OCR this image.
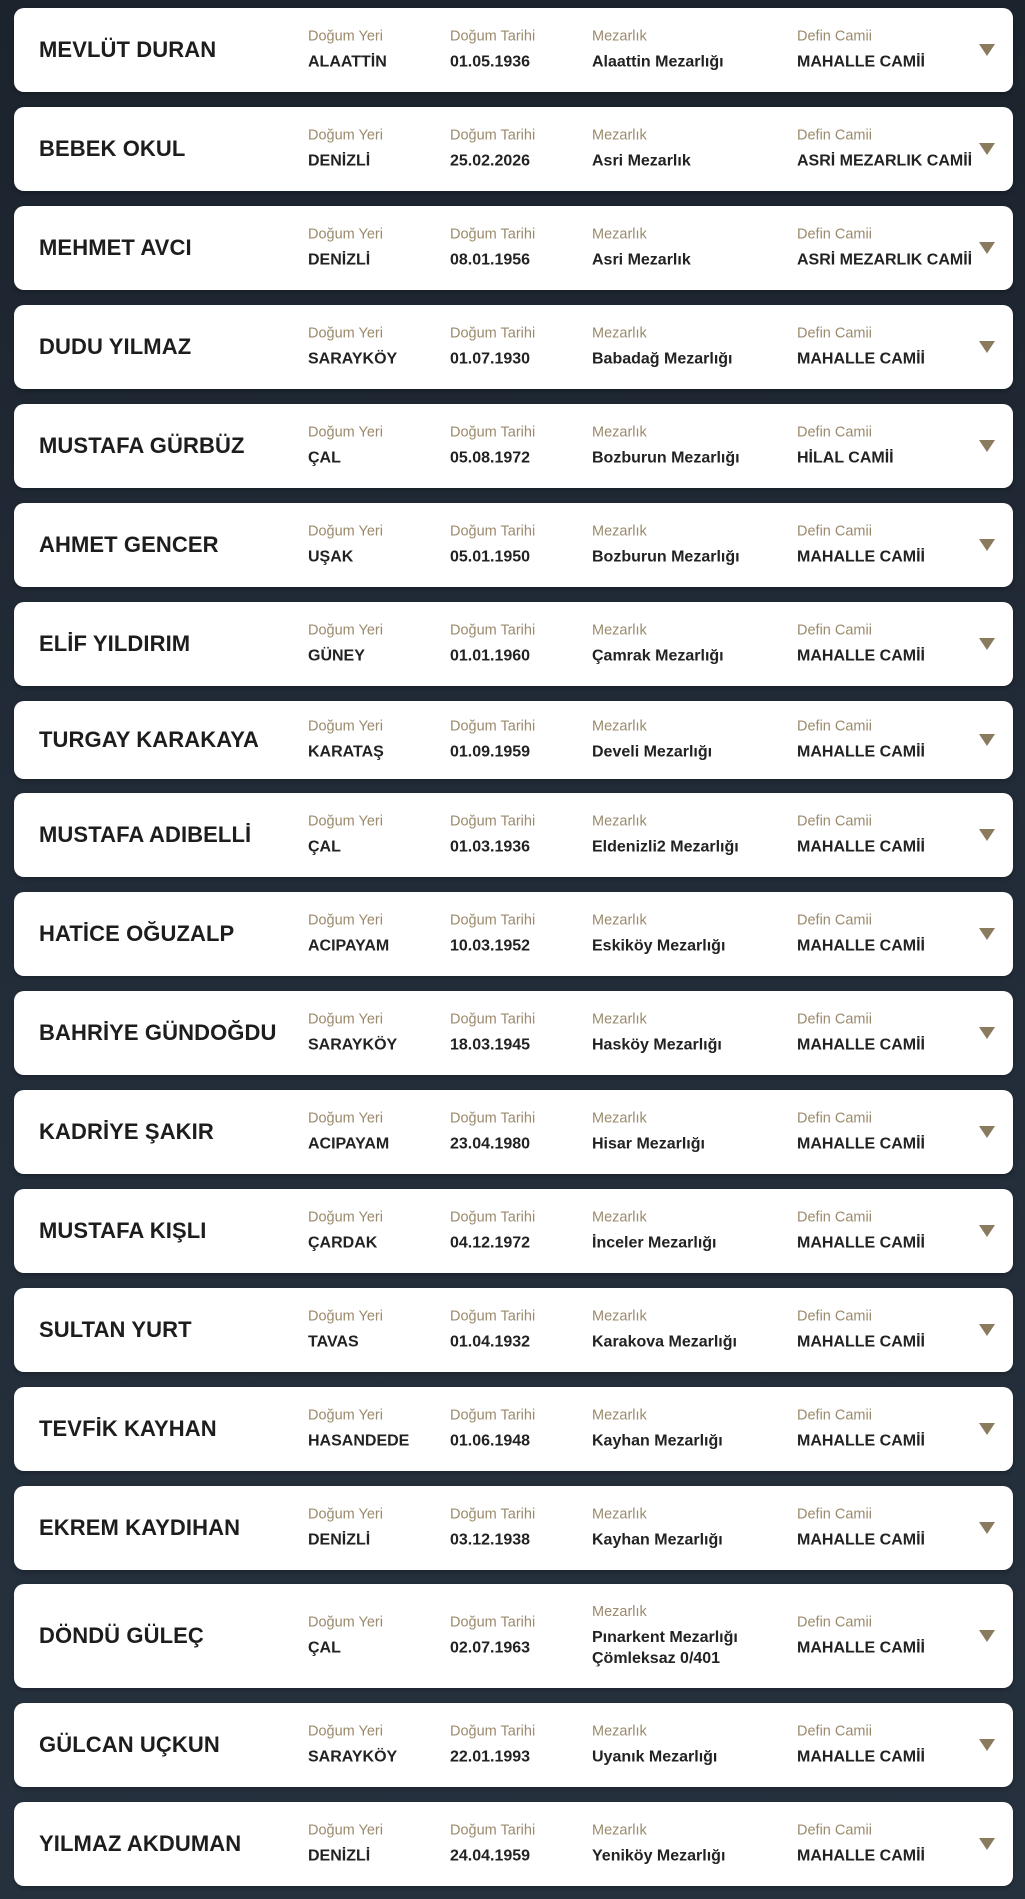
MEVLÜT DURAN
Doğum Yeri
ALAATTİN
Doğum Tarihi
01.05.1936
Mezarlık
Alaattin Mezarlığı
Defin Camii
MAHALLE CAMİİ
BEBEK OKUL
Doğum Yeri
DENİZLİ
Doğum Tarihi
25.02.2026
Mezarlık
Asri Mezarlık
Defin Camii
ASRİ MEZARLIK CAMİİ
MEHMET AVCI
Doğum Yeri
DENİZLİ
Doğum Tarihi
08.01.1956
Mezarlık
Asri Mezarlık
Defin Camii
ASRİ MEZARLIK CAMİİ
DUDU YILMAZ
Doğum Yeri
SARAYKÖY
Doğum Tarihi
01.07.1930
Mezarlık
Babadağ Mezarlığı
Defin Camii
MAHALLE CAMİİ
MUSTAFA GÜRBÜZ
Doğum Yeri
ÇAL
Doğum Tarihi
05.08.1972
Mezarlık
Bozburun Mezarlığı
Defin Camii
HİLAL CAMİİ
AHMET GENCER
Doğum Yeri
UŞAK
Doğum Tarihi
05.01.1950
Mezarlık
Bozburun Mezarlığı
Defin Camii
MAHALLE CAMİİ
ELİF YILDIRIM
Doğum Yeri
GÜNEY
Doğum Tarihi
01.01.1960
Mezarlık
Çamrak Mezarlığı
Defin Camii
MAHALLE CAMİİ
TURGAY KARAKAYA
Doğum Yeri
KARATAŞ
Doğum Tarihi
01.09.1959
Mezarlık
Develi Mezarlığı
Defin Camii
MAHALLE CAMİİ
MUSTAFA ADIBELLİ
Doğum Yeri
ÇAL
Doğum Tarihi
01.03.1936
Mezarlık
Eldenizli2 Mezarlığı
Defin Camii
MAHALLE CAMİİ
HATİCE OĞUZALP
Doğum Yeri
ACIPAYAM
Doğum Tarihi
10.03.1952
Mezarlık
Eskiköy Mezarlığı
Defin Camii
MAHALLE CAMİİ
BAHRİYE GÜNDOĞDU
Doğum Yeri
SARAYKÖY
Doğum Tarihi
18.03.1945
Mezarlık
Hasköy Mezarlığı
Defin Camii
MAHALLE CAMİİ
KADRİYE ŞAKIR
Doğum Yeri
ACIPAYAM
Doğum Tarihi
23.04.1980
Mezarlık
Hisar Mezarlığı
Defin Camii
MAHALLE CAMİİ
MUSTAFA KIŞLI
Doğum Yeri
ÇARDAK
Doğum Tarihi
04.12.1972
Mezarlık
İnceler Mezarlığı
Defin Camii
MAHALLE CAMİİ
SULTAN YURT
Doğum Yeri
TAVAS
Doğum Tarihi
01.04.1932
Mezarlık
Karakova Mezarlığı
Defin Camii
MAHALLE CAMİİ
TEVFİK KAYHAN
Doğum Yeri
HASANDEDE
Doğum Tarihi
01.06.1948
Mezarlık
Kayhan Mezarlığı
Defin Camii
MAHALLE CAMİİ
EKREM KAYDIHAN
Doğum Yeri
DENİZLİ
Doğum Tarihi
03.12.1938
Mezarlık
Kayhan Mezarlığı
Defin Camii
MAHALLE CAMİİ
DÖNDÜ GÜLEÇ
Doğum Yeri
ÇAL
Doğum Tarihi
02.07.1963
Mezarlık
Pınarkent Mezarlığı
Çömleksaz 0/401
Defin Camii
MAHALLE CAMİİ
GÜLCAN UÇKUN
Doğum Yeri
SARAYKÖY
Doğum Tarihi
22.01.1993
Mezarlık
Uyanık Mezarlığı
Defin Camii
MAHALLE CAMİİ
YILMAZ AKDUMAN
Doğum Yeri
DENİZLİ
Doğum Tarihi
24.04.1959
Mezarlık
Yeniköy Mezarlığı
Defin Camii
MAHALLE CAMİİ
